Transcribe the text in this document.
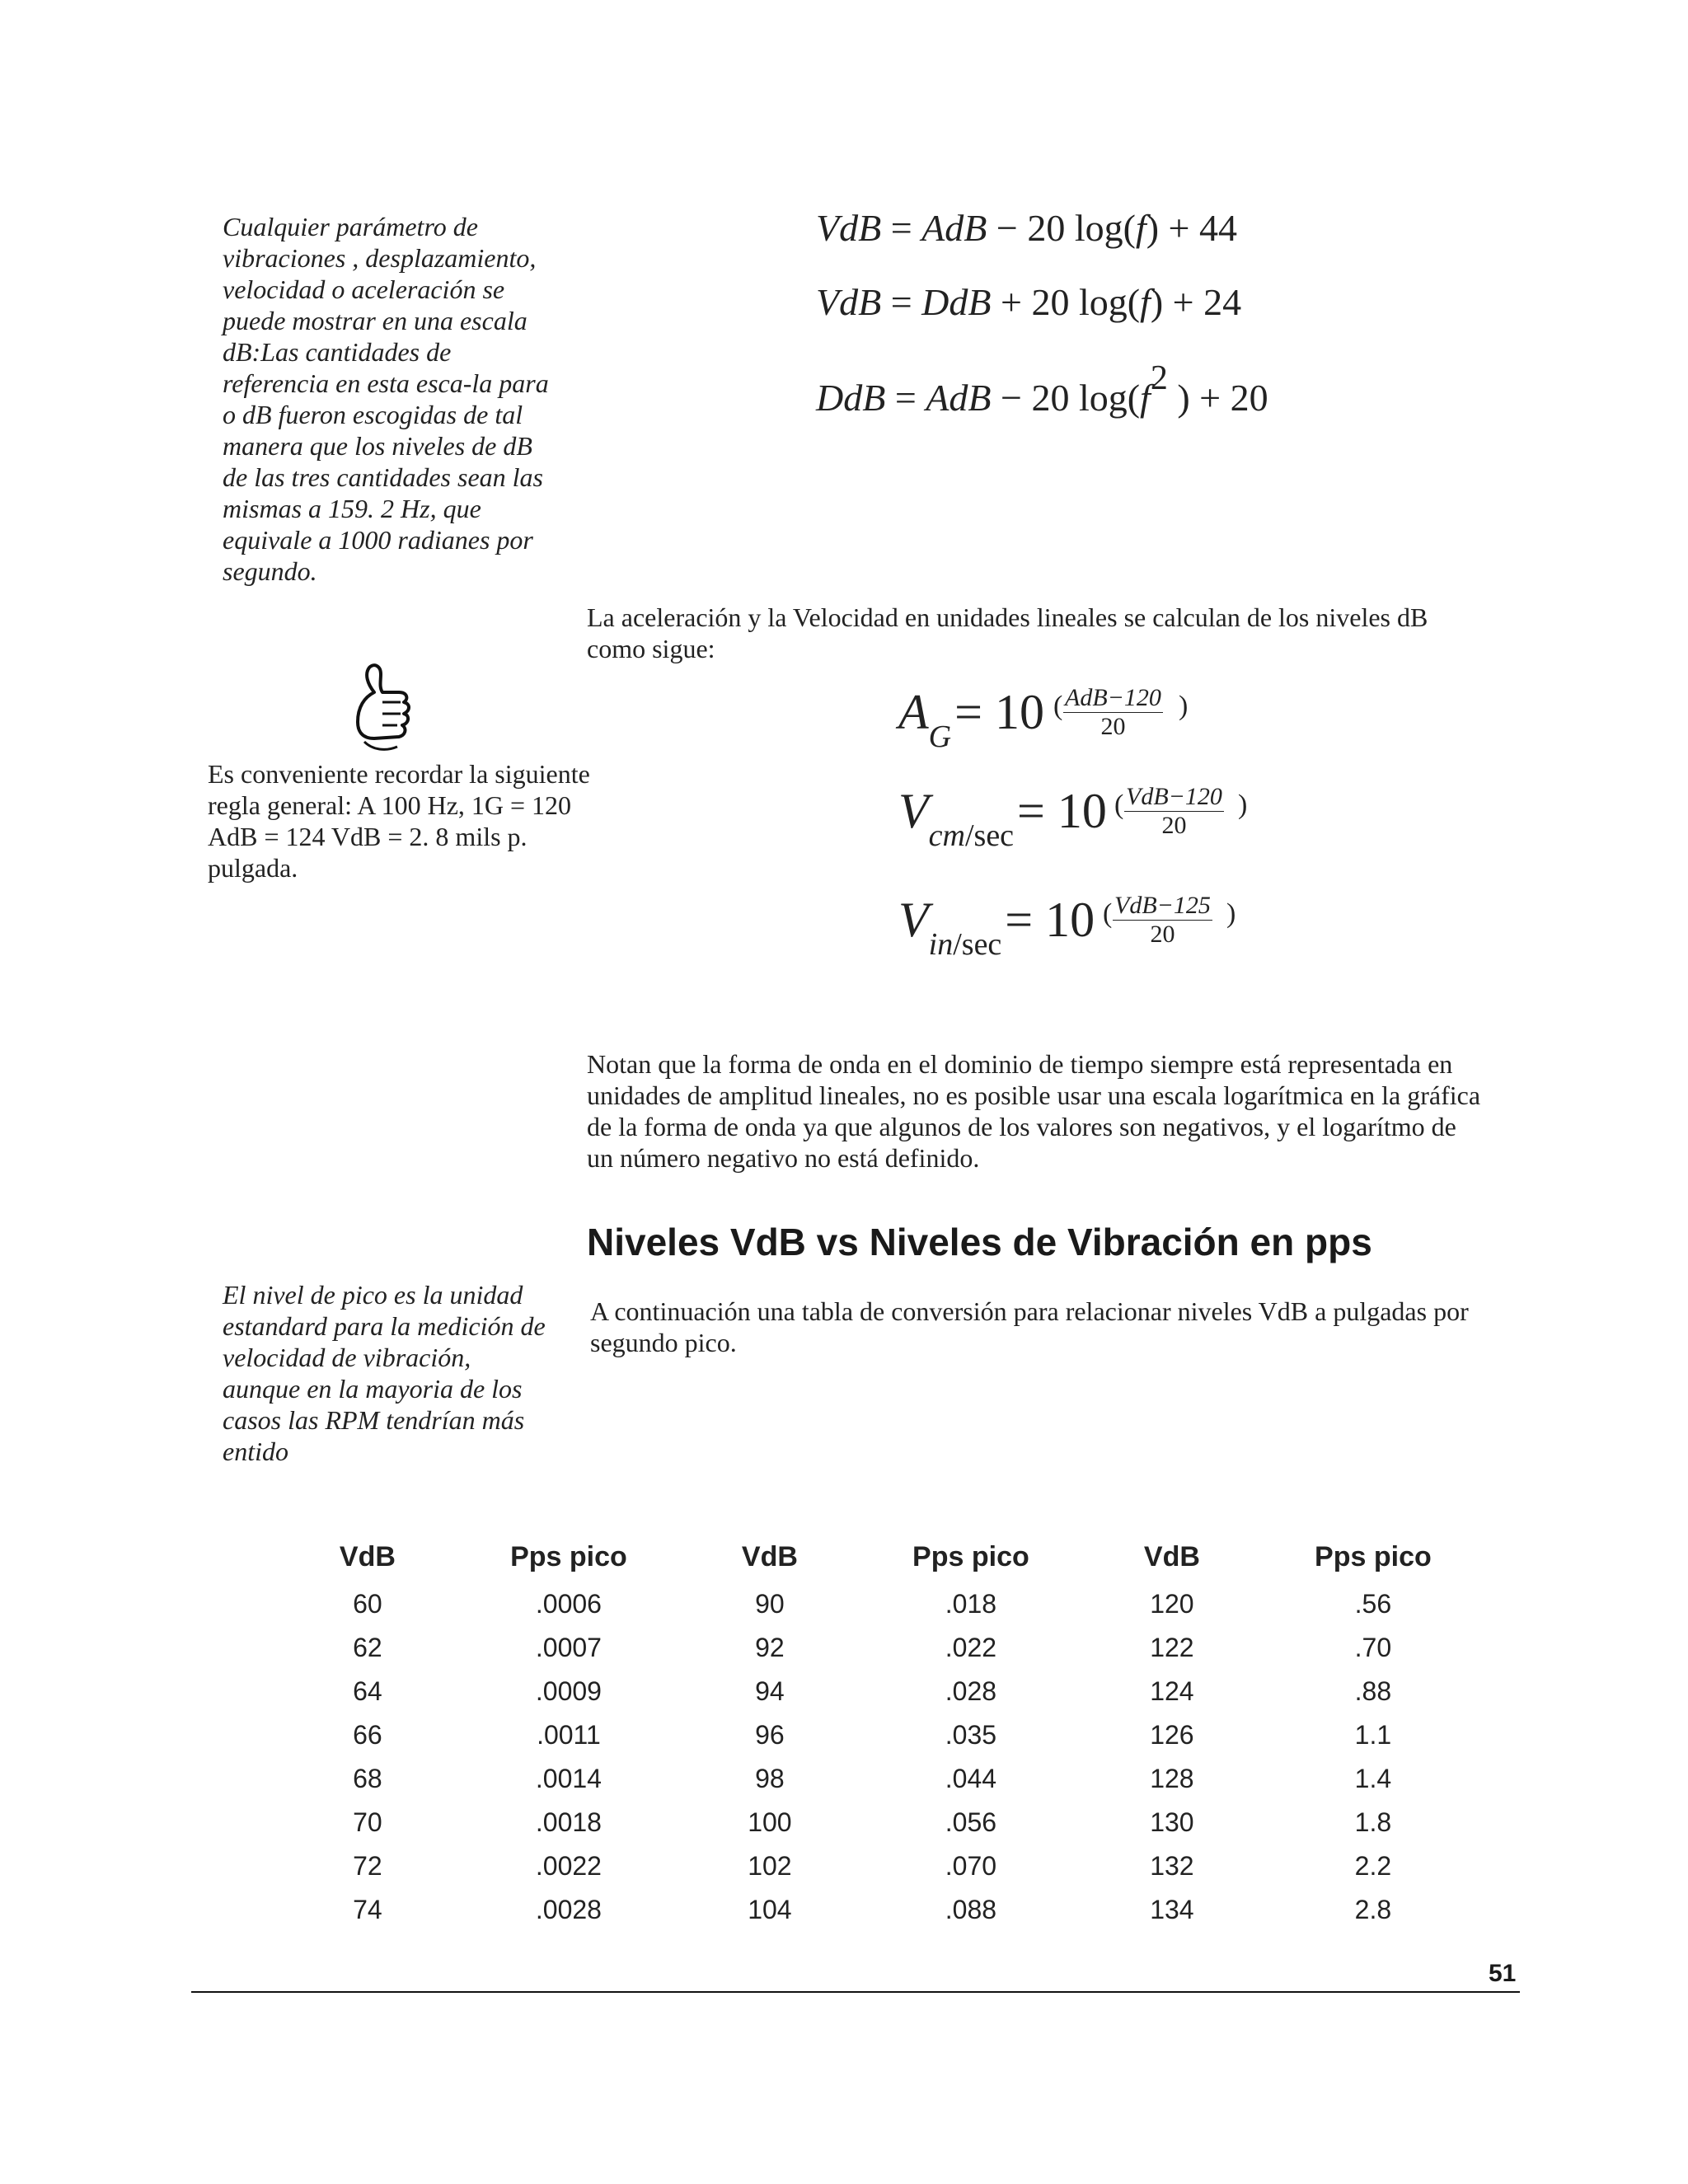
Cualquier parámetro de
vibraciones , desplazamiento,
velocidad o aceleración se
puede mostrar en una escala
dB:Las cantidades de
referencia en esta esca-la para
o dB fueron escogidas de tal
manera que los niveles de dB
de las tres cantidades sean las
mismas a 159. 2 Hz, que
equivale a 1000 radianes por
segundo.
VdB = AdB − 20 log(f) + 44
VdB = DdB + 20 log(f) + 24
DdB = AdB − 20 log(f2 ) + 20
La aceleración y la Velocidad en unidades lineales se calculan de los niveles dB
como sigue:
Es conveniente recordar la siguiente
regla general: A 100 Hz, 1G = 120
AdB = 124 VdB = 2. 8 mils p.
pulgada.
AG = 10 ( AdB−120
20
)
Vcm/sec = 10 ( VdB−120
20
)
Vin/sec = 10 ( VdB−125
20
)
Notan que la forma de onda en el dominio de tiempo siempre está representada en
unidades de amplitud lineales, no es posible usar una escala logarítmica en la gráfica
de la forma de onda ya que algunos de los valores son negativos, y el logarítmo de
un número negativo no está definido.
Niveles VdB vs Niveles de Vibración en pps
El nivel de pico es la unidad
estandard para la medición de
velocidad de vibración,
aunque en la mayoria de los
casos las RPM tendrían más
entido
A continuación una tabla de conversión para relacionar niveles VdB a pulgadas por
segundo pico.
VdB	Pps pico	VdB	Pps pico	VdB	Pps pico
60	.0006	90	.018	120	.56
62	.0007	92	.022	122	.70
64	.0009	94	.028	124	.88
66	.0011	96	.035	126	1.1
68	.0014	98	.044	128	1.4
70	.0018	100	.056	130	1.8
72	.0022	102	.070	132	2.2
74	.0028	104	.088	134	2.8
51
